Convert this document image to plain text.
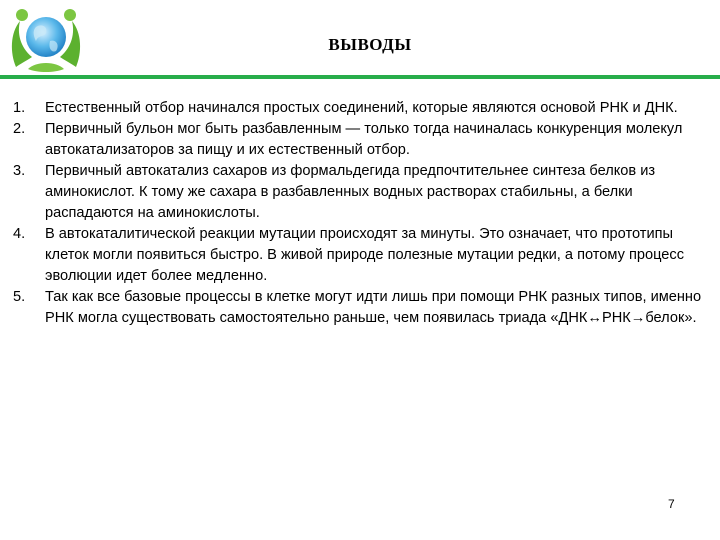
ВЫВОДЫ
1.	Естественный отбор начинался простых соединений, которые являются основой РНК и ДНК.
2.	Первичный бульон мог быть разбавленным — только тогда начиналась конкуренция молекул автокатализаторов за пищу и их естественный отбор.
3.	Первичный автокатализ сахаров из формальдегида предпочтительнее синтеза белков из аминокислот. К тому же сахара в разбавленных водных растворах стабильны, а белки распадаются на аминокислоты.
4.	В автокаталитической реакции мутации происходят за минуты. Это означает, что прототипы клеток могли появиться быстро. В живой природе полезные мутации редки, а потому процесс эволюции идет более медленно.
5.	Так как все базовые процессы в клетке могут идти лишь при помощи РНК разных типов, именно РНК могла существовать самостоятельно раньше, чем появилась триада «ДНК↔РНК→белок».
7
